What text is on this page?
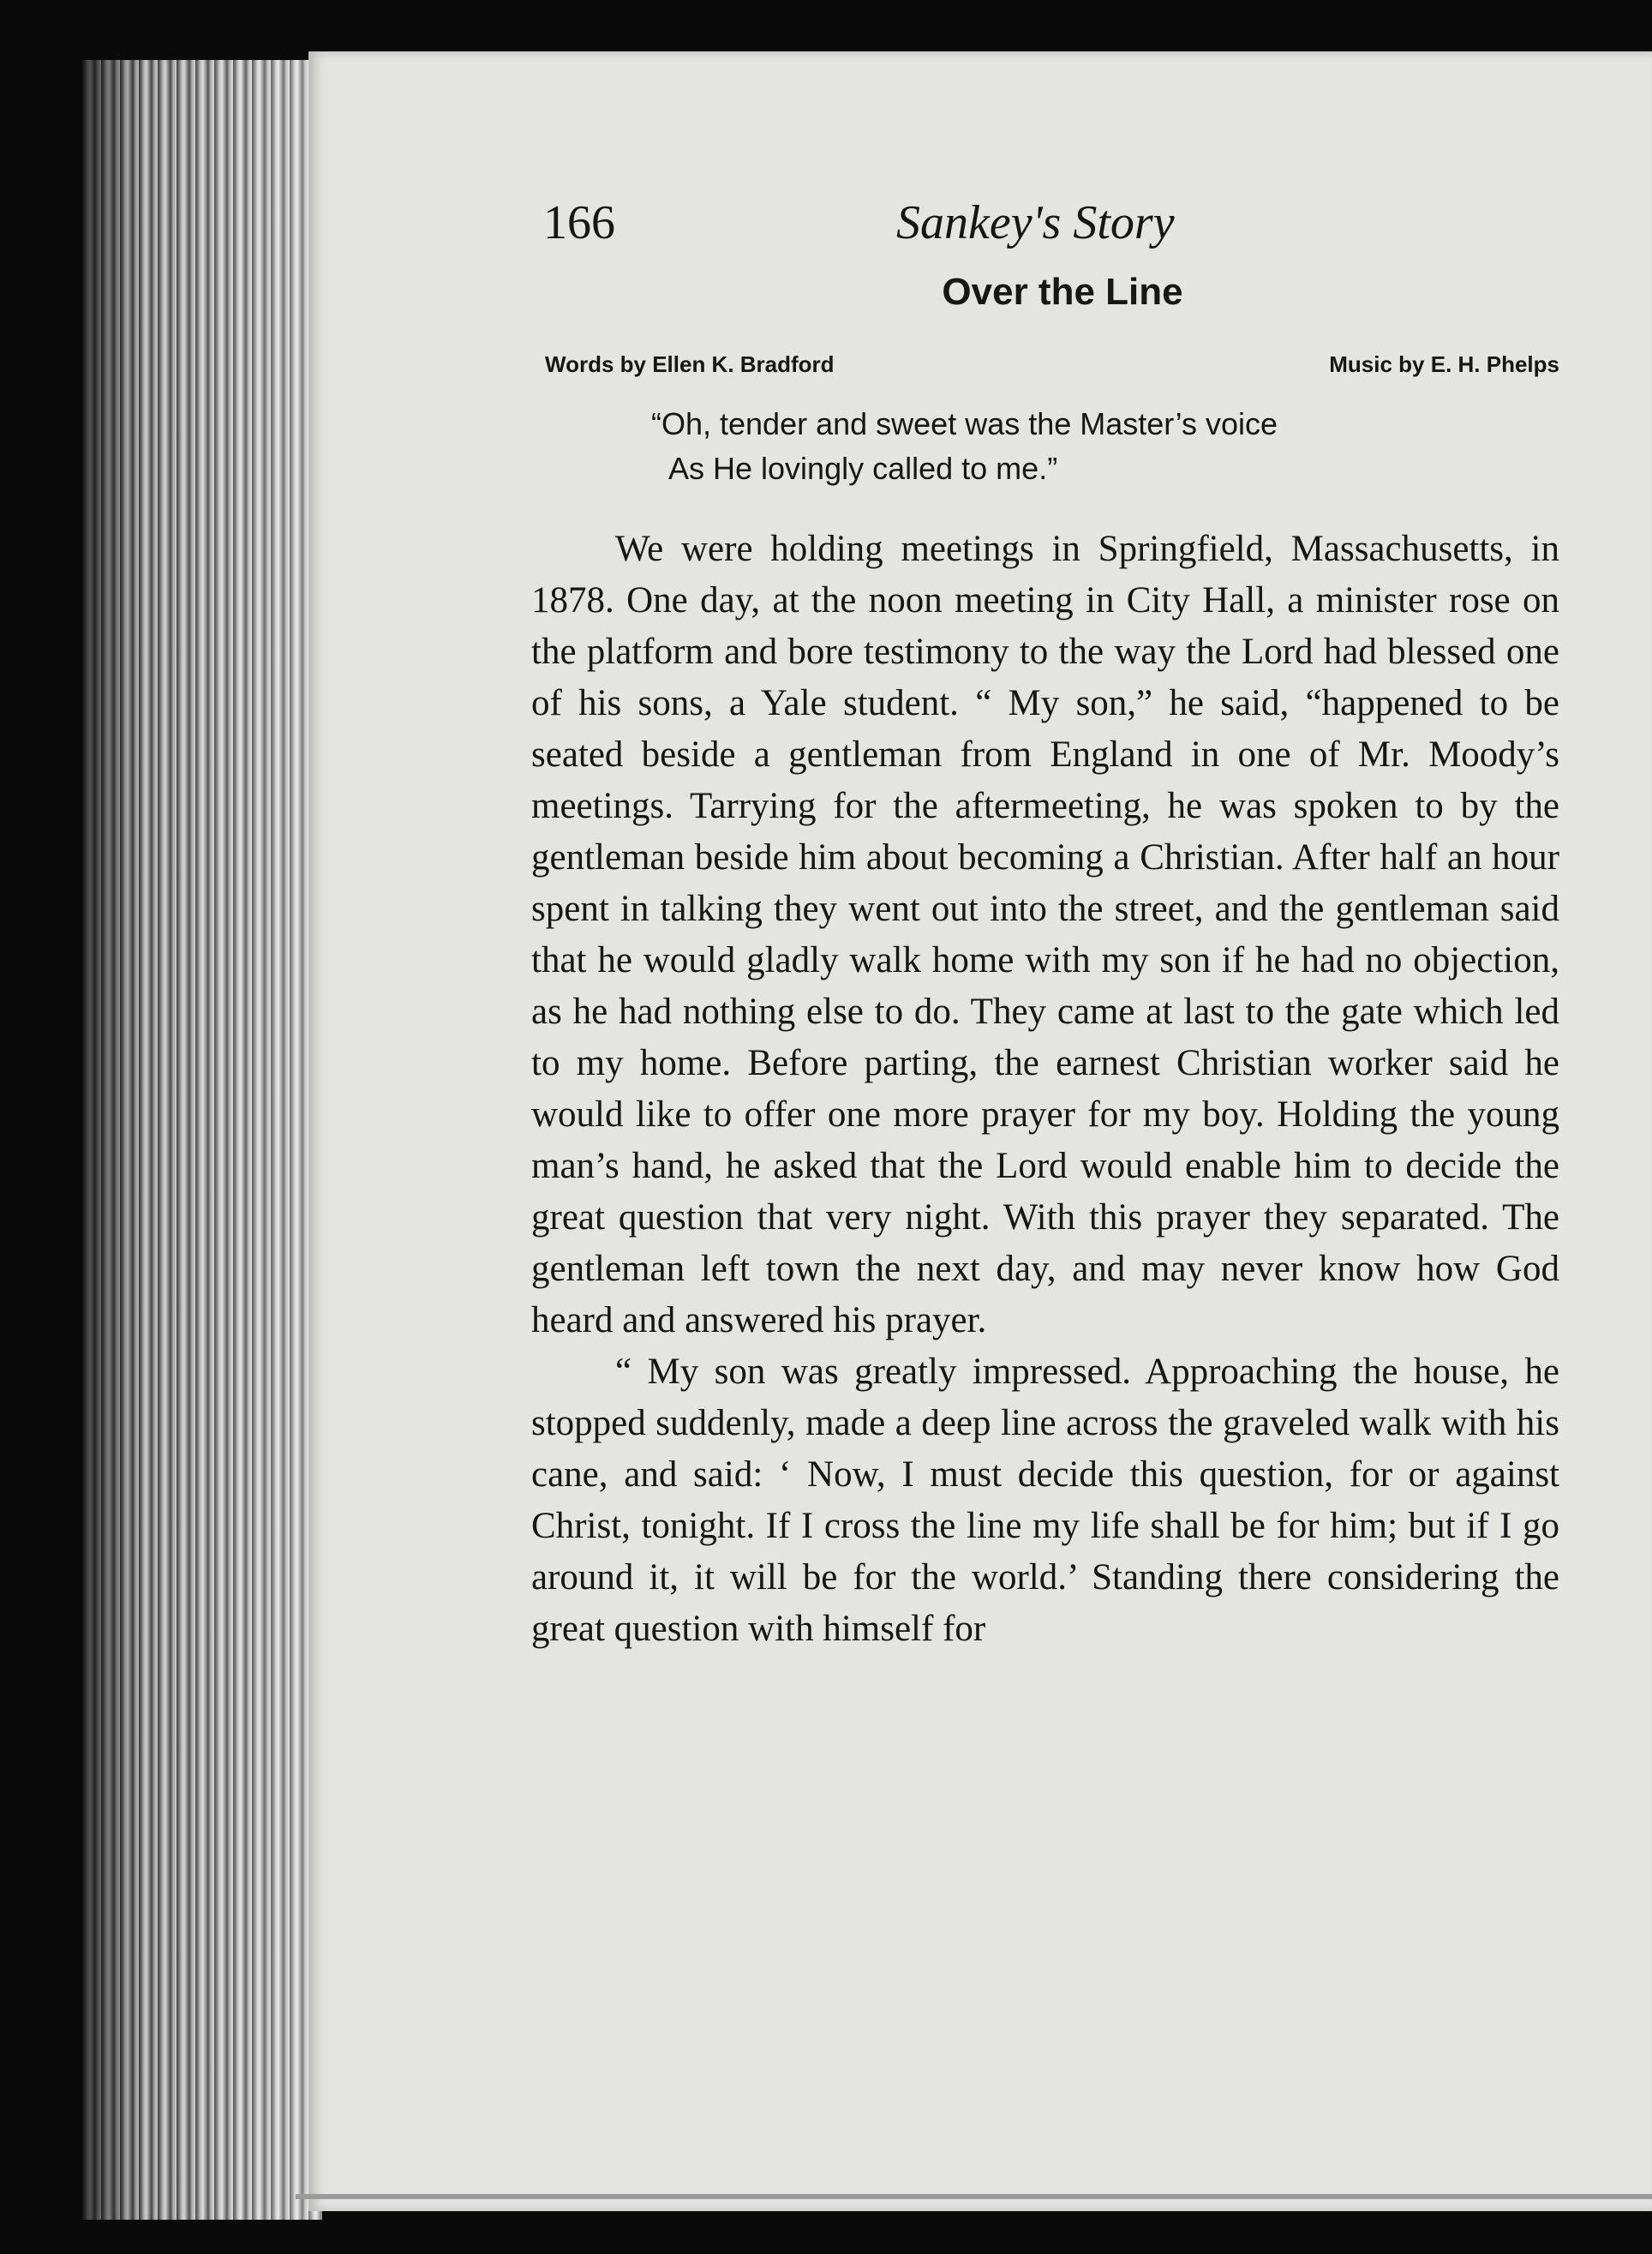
166	Sankey's Story
Over the Line
Words by Ellen K. Bradford	Music by E. H. Phelps
“Oh, tender and sweet was the Master’s voice
As He lovingly called to me.”

We were holding meetings in Springfield, Massachusetts, in 1878. One day, at the noon meeting in City Hall, a minister rose on the platform and bore testimony to the way the Lord had blessed one of his sons, a Yale student. “ My son,” he said, “happened to be seated beside a gentleman from England in one of Mr. Moody’s meetings. Tarrying for the aftermeeting, he was spoken to by the gentleman beside him about becoming a Christian. After half an hour spent in talking they went out into the street, and the gentleman said that he would gladly walk home with my son if he had no objection, as he had nothing else to do. They came at last to the gate which led to my home. Before parting, the earnest Christian worker said he would like to offer one more prayer for my boy. Holding the young man’s hand, he asked that the Lord would enable him to decide the great question that very night. With this prayer they separated. The gentleman left town the next day, and may never know how God heard and answered his prayer.

“ My son was greatly impressed. Approaching the house, he stopped suddenly, made a deep line across the graveled walk with his cane, and said: ‘ Now, I must decide this question, for or against Christ, tonight. If I cross the line my life shall be for him; but if I go around it, it will be for the world.’ Standing there considering the great question with himself for
